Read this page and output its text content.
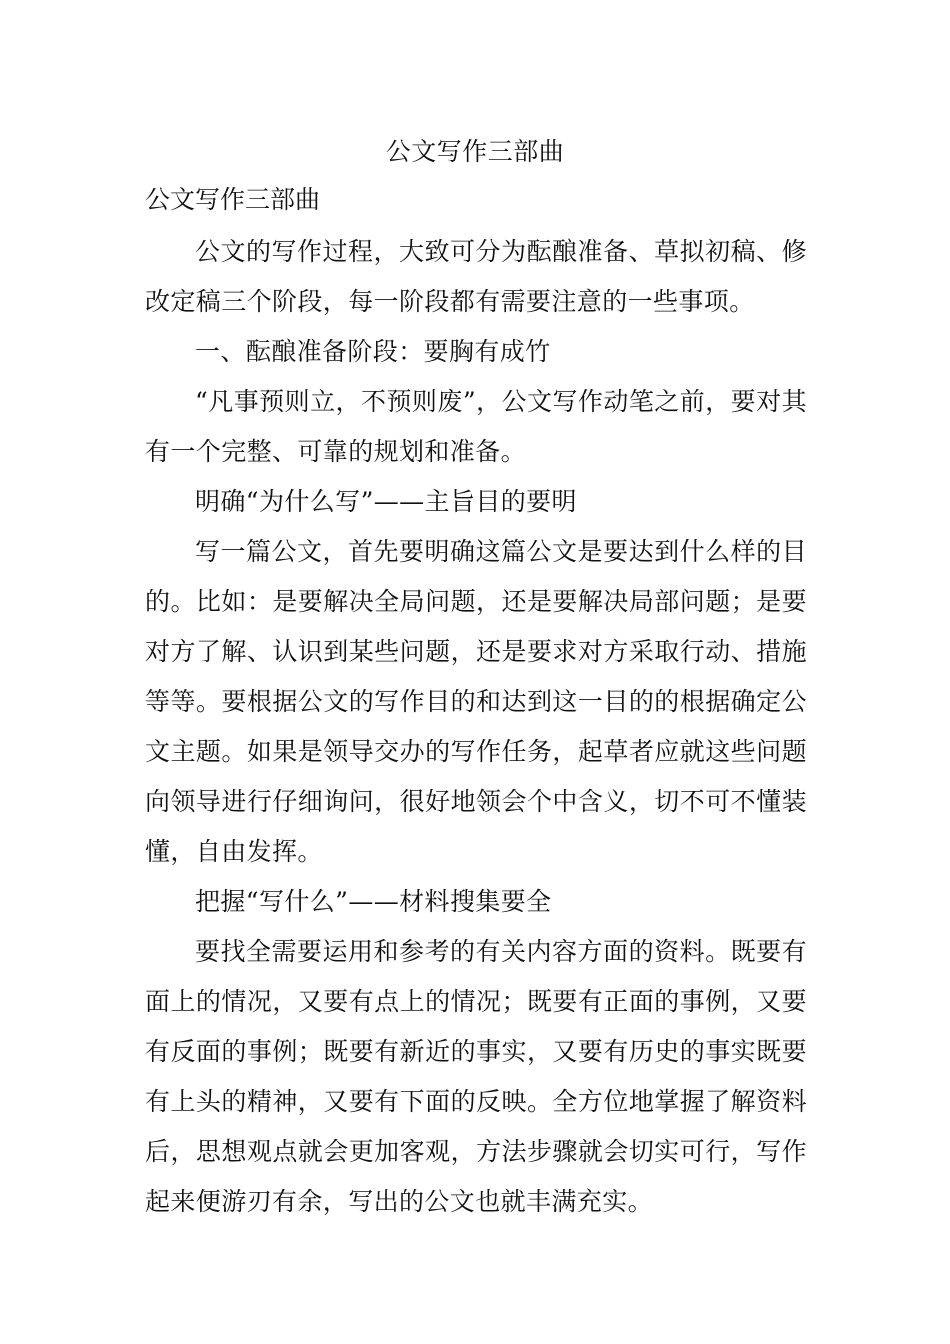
公文写作三部曲
公文写作三部曲

公文的写作过程，大致可分为酝酿准备、草拟初稿、修改定稿三个阶段，每一阶段都有需要注意的一些事项。

一、酝酿准备阶段：要胸有成竹

“凡事预则立，不预则废”，公文写作动笔之前，要对其有一个完整、可靠的规划和准备。

明确“为什么写”——主旨目的要明

写一篇公文，首先要明确这篇公文是要达到什么样的目的。比如：是要解决全局问题，还是要解决局部问题；是要对方了解、认识到某些问题，还是要求对方采取行动、措施等等。要根据公文的写作目的和达到这一目的的根据确定公文主题。如果是领导交办的写作任务，起草者应就这些问题向领导进行仔细询问，很好地领会个中含义，切不可不懂装懂，自由发挥。

把握“写什么”——材料搜集要全

要找全需要运用和参考的有关内容方面的资料。既要有面上的情况，又要有点上的情况；既要有正面的事例，又要有反面的事例；既要有新近的事实，又要有历史的事实既要有上头的精神，又要有下面的反映。全方位地掌握了解资料后，思想观点就会更加客观，方法步骤就会切实可行，写作起来便游刃有余，写出的公文也就丰满充实。
